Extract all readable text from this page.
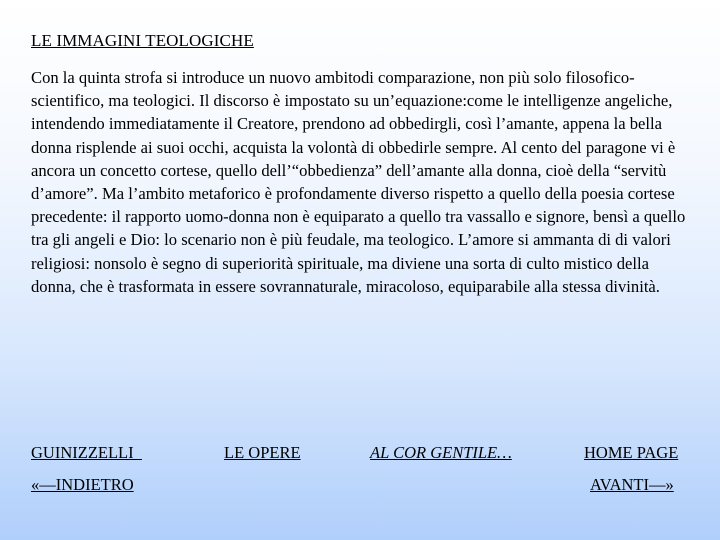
LE IMMAGINI TEOLOGICHE

Con la quinta strofa si introduce un nuovo ambitodi comparazione, non più solo filosofico-scientifico, ma teologici. Il discorso è impostato su un’equazione:come le intelligenze angeliche, intendendo immediatamente il Creatore, prendono ad obbedirgli, così l’amante, appena la bella donna risplende ai suoi occhi, acquista la volontà di obbedirle sempre. Al cento del paragone vi è ancora un concetto cortese, quello dell’“obbedienza” dell’amante alla donna, cioè della “servitù d’amore”. Ma l’ambito metaforico è profondamente diverso rispetto a quello della poesia cortese precedente: il rapporto uomo-donna non è equiparato a quello tra vassallo e signore, bensì a quello tra gli angeli e Dio: lo scenario non è più feudale, ma teologico. L’amore si ammanta di di valori religiosi: nonsolo è segno di superiorità spirituale, ma diviene una sorta di culto mistico della donna, che è trasformata in essere sovrannaturale, miracoloso, equiparabile alla stessa divinità.

GUINIZZELLI	LE OPERE	AL COR GENTILE…	HOME PAGE
«—INDIETRO	AVANTI—»
